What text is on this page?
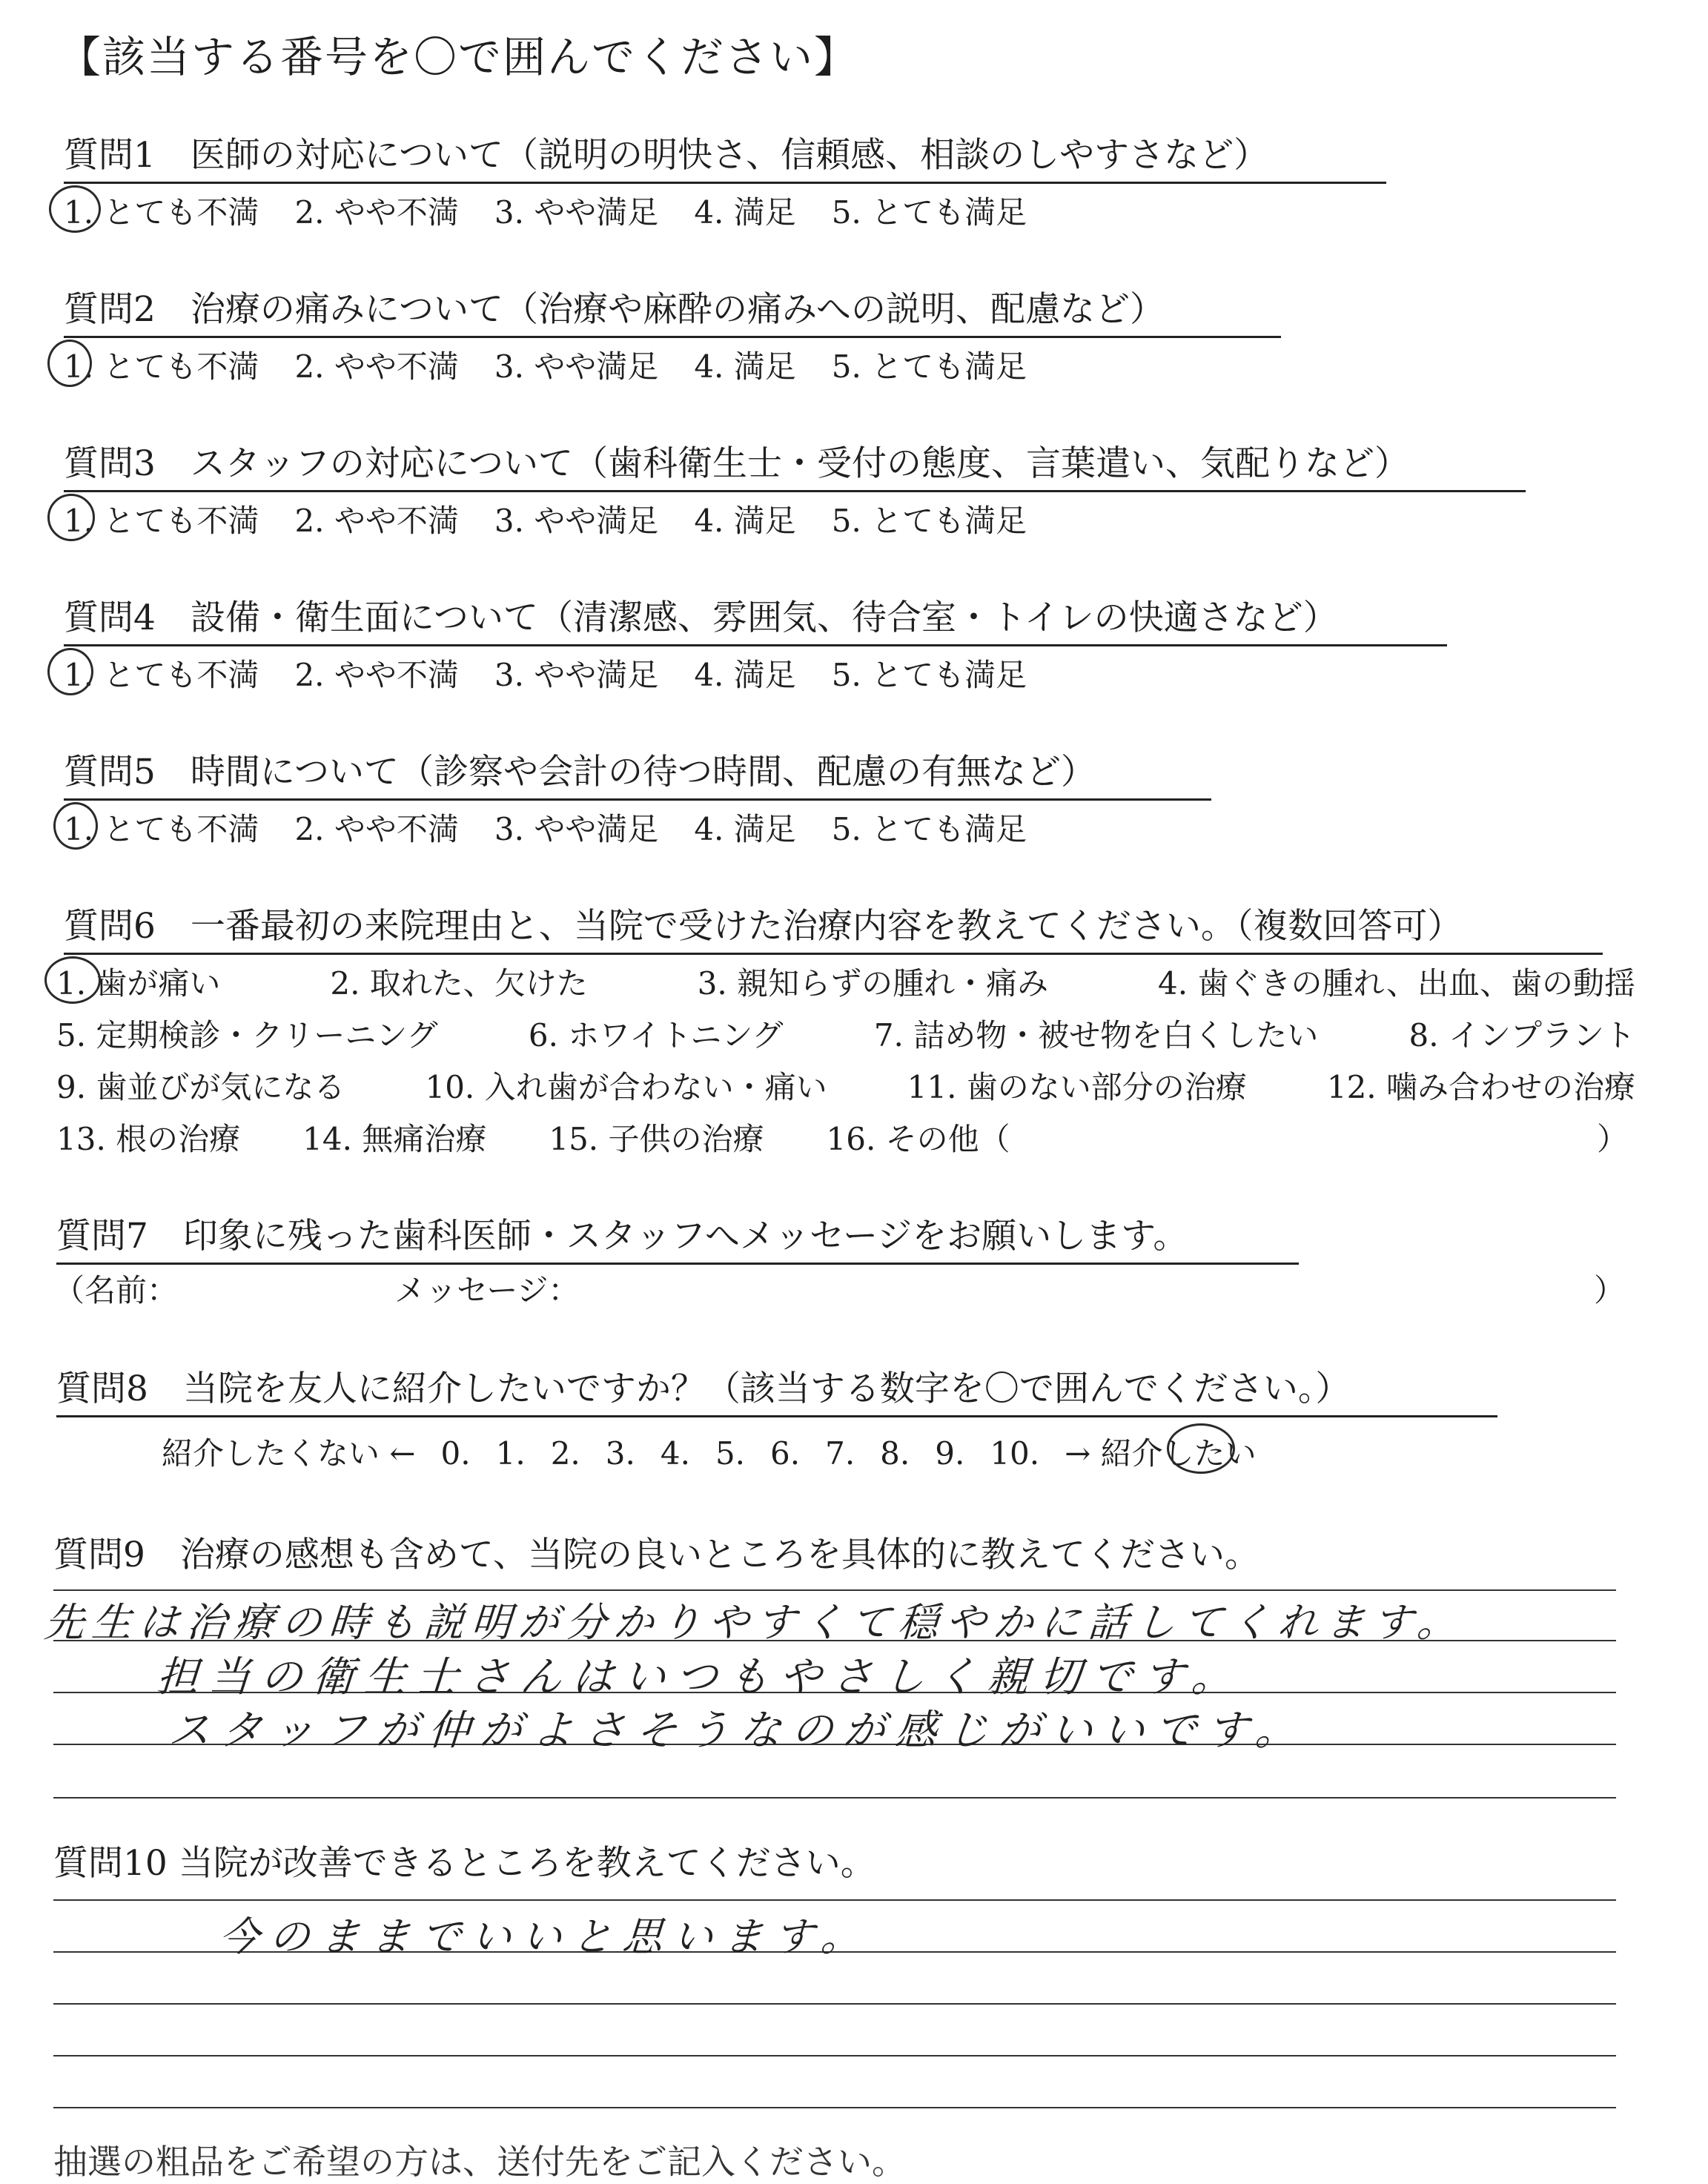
【該当する番号を〇で囲んでください】
質問1　 医師の対応について（説明の明快さ、信頼感、相談のしやすさなど）
1. とても不満 2. やや不満 3. やや満足 4. 満足 5. とても満足
質問2　 治療の痛みについて（治療や麻酔の痛みへの説明、配慮など）
1. とても不満 2. やや不満 3. やや満足 4. 満足 5. とても満足
質問3　 スタッフの対応について（歯科衛生士・受付の態度、言葉遣い、気配りなど）
1. とても不満 2. やや不満 3. やや満足 4. 満足 5. とても満足
質問4　 設備・衛生面について（清潔感、雰囲気、待合室・トイレの快適さなど）
1. とても不満 2. やや不満 3. やや満足 4. 満足 5. とても満足
質問5　 時間について（診察や会計の待つ時間、配慮の有無など）
1. とても不満 2. やや不満 3. やや満足 4. 満足 5. とても満足
質問6　 一番最初の来院理由と、当院で受けた治療内容を教えてください。（複数回答可）
1. 歯が痛い	2. 取れた、欠けた	3. 親知らずの腫れ・痛み	4. 歯ぐきの腫れ、出血、歯の動揺
5. 定期検診・クリーニング	6. ホワイトニング	7. 詰め物・被せ物を白くしたい	8. インプラント
9. 歯並びが気になる	10. 入れ歯が合わない・痛い	11. 歯のない部分の治療	12. 噛み合わせの治療
13. 根の治療　　 14. 無痛治療　　 15. 子供の治療　　 16. その他（	）
質問7　 印象に残った歯科医師・スタッフへメッセージをお願いします。
（名前：	メッセージ：	）
質問8　 当院を友人に紹介したいですか？（該当する数字を〇で囲んでください。）
紹介したくない ← 0. 1. 2. 3. 4. 5. 6. 7. 8. 9. 10. → 紹介したい
質問9　 治療の感想も含めて、当院の良いところを具体的に教えてください。
先生は治療の時も説明が分かりやすくて穏やかに話してくれます。
担当の衛生士さんはいつもやさしく親切です。
スタッフが仲がよさそうなのが感じがいいです。
質問10 当院が改善できるところを教えてください。
今のままでいいと思います。
抽選の粗品をご希望の方は、送付先をご記入ください。
